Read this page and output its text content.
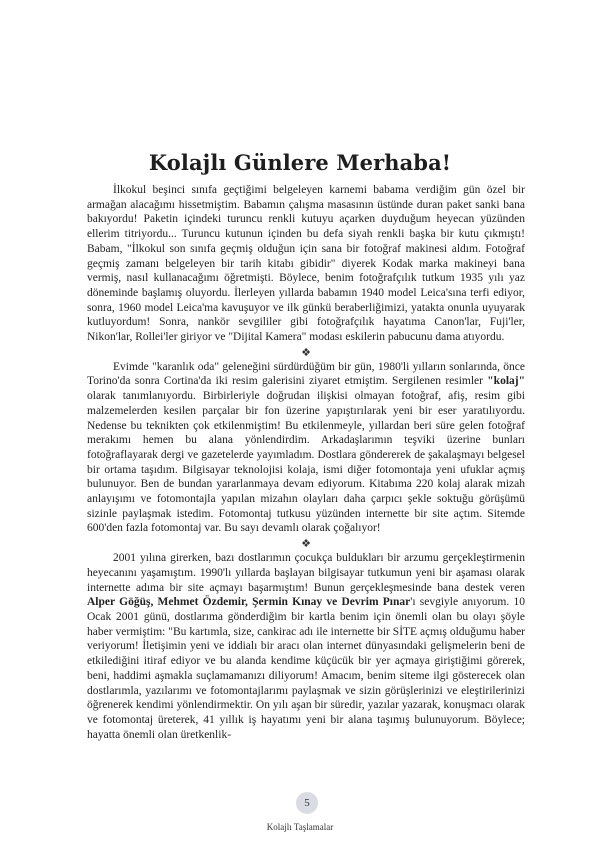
Kolajlı Günlere Merhaba!

İlkokul beşinci sınıfa geçtiğimi belgeleyen karnemi babama verdiğim gün özel bir armağan alacağımı hissetmiştim. Babamın çalışma masasının üstünde duran paket sanki bana bakıyordu! Paketin içindeki turuncu renkli kutuyu açarken duyduğum heyecan yüzünden ellerim titriyordu... Turuncu kutunun içinden bu defa siyah renkli başka bir kutu çıkmıştı! Babam, "İlkokul son sınıfa geçmiş olduğun için sana bir fotoğraf makinesi aldım. Fotoğraf geçmiş zamanı belgeleyen bir tarih kitabı gibidir" diyerek Kodak marka makineyi bana vermiş, nasıl kullanacağımı öğretmişti. Böylece, benim fotoğrafçılık tutkum 1935 yılı yaz döneminde başlamış oluyordu. İlerleyen yıllarda babamın 1940 model Leica'sına terfi ediyor, sonra, 1960 model Leica'ma kavuşuyor ve ilk günkü beraberliğimizi, yatakta onunla uyuyarak kutluyordum! Sonra, nankör sevgililer gibi fotoğrafçılık hayatıma Canon'lar, Fuji'ler, Nikon'lar, Rollei'ler giriyor ve "Dijital Kamera" modası eskilerin pabucunu dama atıyordu.

❖

Evimde "karanlık oda" geleneğini sürdürdüğüm bir gün, 1980'li yılların sonlarında, önce Torino'da sonra Cortina'da iki resim galerisini ziyaret etmiştim. Sergilenen resimler "kolaj" olarak tanımlanıyordu. Birbirleriyle doğrudan ilişkisi olmayan fotoğraf, afiş, resim gibi malzemelerden kesilen parçalar bir fon üzerine yapıştırılarak yeni bir eser yaratılıyordu. Nedense bu teknikten çok etkilenmiştim! Bu etkilenmeyle, yıllardan beri süre gelen fotoğraf merakımı hemen bu alana yönlendirdim. Arkadaşlarımın teşviki üzerine bunları fotoğraflayarak dergi ve gazetelerde yayımladım. Dostlara göndererek de şakalaşmayı belgesel bir ortama taşıdım. Bilgisayar teknolojisi kolaja, ismi diğer fotomontaja yeni ufuklar açmış bulunuyor. Ben de bundan yararlanmaya devam ediyorum. Kitabıma 220 kolaj alarak mizah anlayışımı ve fotomontajla yapılan mizahın olayları daha çarpıcı şekle soktuğu görüşümü sizinle paylaşmak istedim. Fotomontaj tutkusu yüzünden internette bir site açtım. Sitemde 600'den fazla fotomontaj var. Bu sayı devamlı olarak çoğalıyor!

❖

2001 yılına girerken, bazı dostlarımın çocukça buldukları bir arzumu gerçekleştirmenin heyecanını yaşamıştım. 1990'lı yıllarda başlayan bilgisayar tutkumun yeni bir aşaması olarak internette adıma bir site açmayı başarmıştım! Bunun gerçekleşmesinde bana destek veren Alper Göğüş, Mehmet Özdemir, Şermin Kınay ve Devrim Pınar'ı sevgiyle anıyorum. 10 Ocak 2001 günü, dostlarıma gönderdiğim bir kartla benim için önemli olan bu olayı şöyle haber vermiştim: "Bu kartımla, size, cankirac adı ile internette bir SİTE açmış olduğumu haber veriyorum! İletişimin yeni ve iddialı bir aracı olan internet dünyasındaki gelişmelerin beni de etkilediğini itiraf ediyor ve bu alanda kendime küçücük bir yer açmaya giriştiğimi görerek, beni, haddimi aşmakla suçlamamanızı diliyorum! Amacım, benim siteme ilgi gösterecek olan dostlarımla, yazılarımı ve fotomontajlarımı paylaşmak ve sizin görüşlerinizi ve eleştirilerinizi öğrenerek kendimi yönlendirmektir. On yılı aşan bir süredir, yazılar yazarak, konuşmacı olarak ve fotomontaj üreterek, 41 yıllık iş hayatımı yeni bir alana taşımış bulunuyorum. Böylece; hayatta önemli olan üretkenlik-

5
Kolajlı Taşlamalar
